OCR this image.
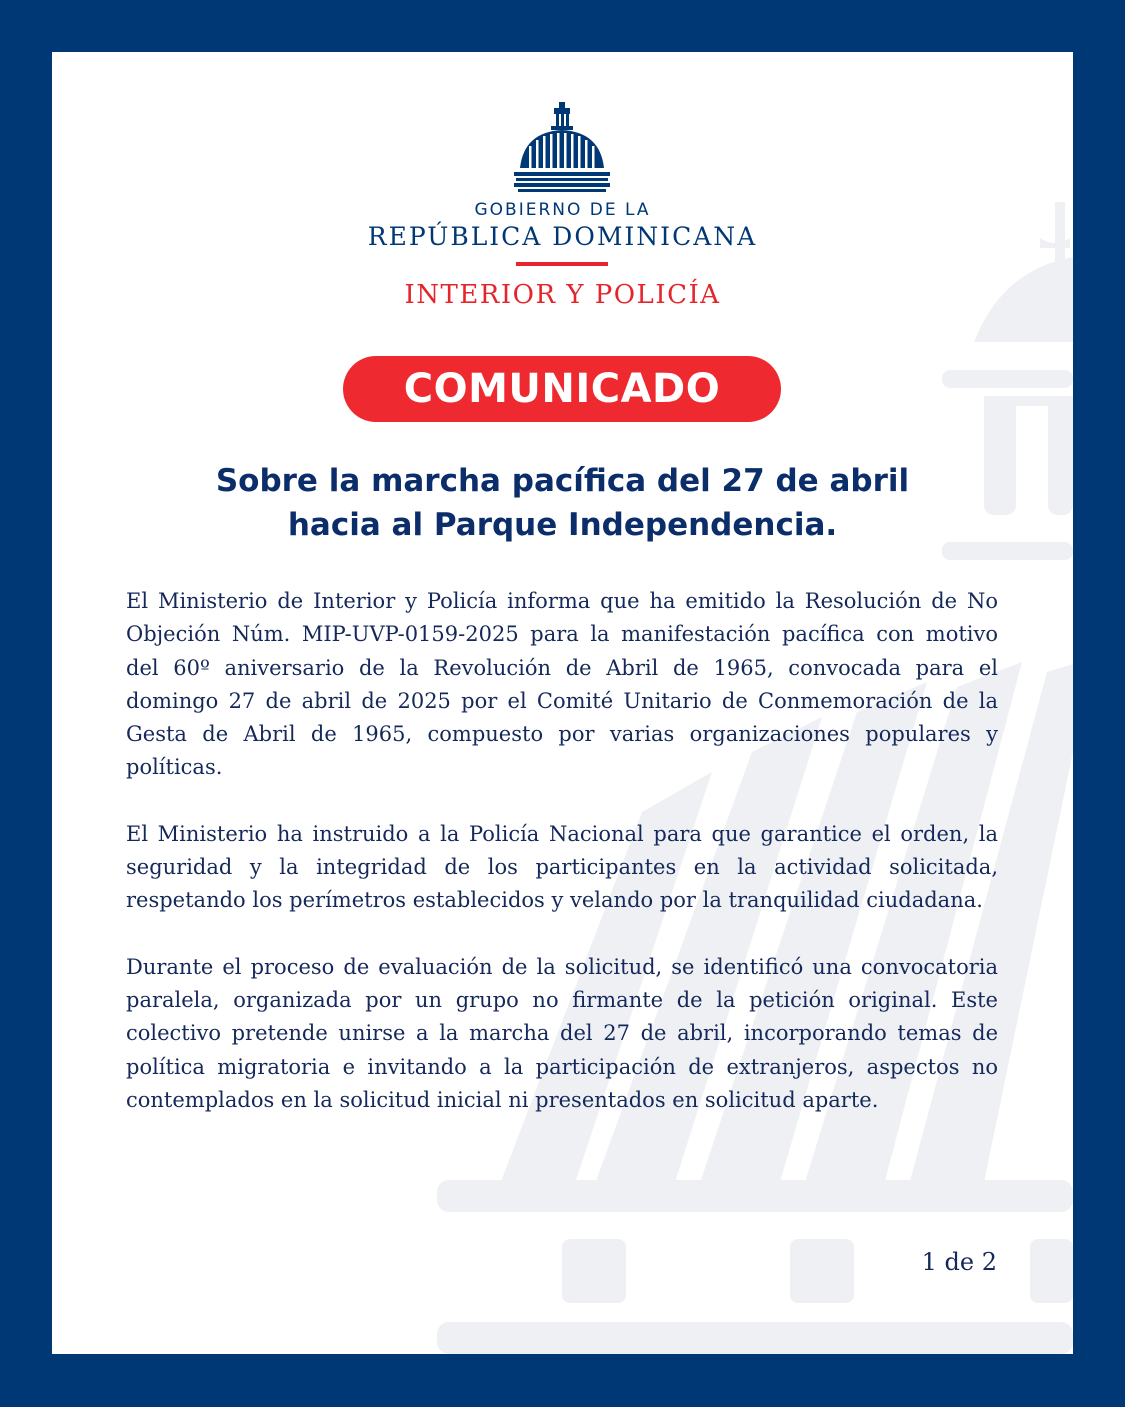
GOBIERNO DE LA
REPÚBLICA DOMINICANA
INTERIOR Y POLICÍA
COMUNICADO
Sobre la marcha pacífica del 27 de abril
hacia al Parque Independencia.

El Ministerio de Interior y Policía informa que ha emitido la Resolución de No Objeción Núm. MIP-UVP-0159-2025 para la manifestación pacífica con motivo del 60º aniversario de la Revolución de Abril de 1965, convocada para el domingo 27 de abril de 2025 por el Comité Unitario de Conmemoración de la Gesta de Abril de 1965, compuesto por varias organizaciones populares y políticas.

El Ministerio ha instruido a la Policía Nacional para que garantice el orden, la seguridad y la integridad de los participantes en la actividad solicitada, respetando los perímetros establecidos y velando por la tranquilidad ciudadana.

Durante el proceso de evaluación de la solicitud, se identificó una convocatoria paralela, organizada por un grupo no firmante de la petición original. Este colectivo pretende unirse a la marcha del 27 de abril, incorporando temas de política migratoria e invitando a la participación de extranjeros, aspectos no contemplados en la solicitud inicial ni presentados en solicitud aparte.

1 de 2
